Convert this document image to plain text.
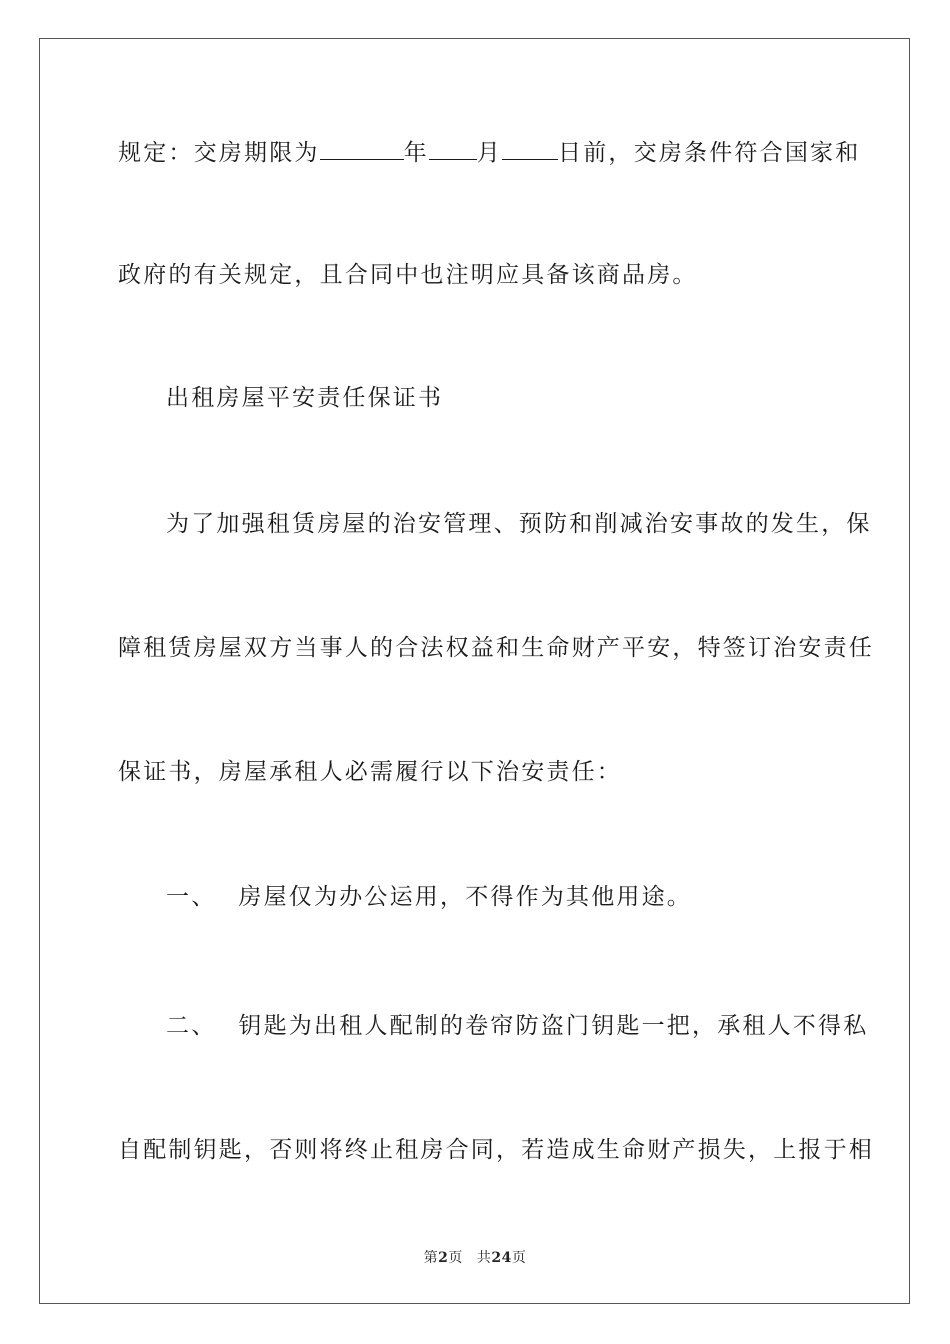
规定：交房期限为	年 月 日前，交房条件符合国家和
政府的有关规定，且合同中也注明应具备该商品房。
出租房屋平安责任保证书
为了加强租赁房屋的治安管理、预防和削减治安事故的发生，保
障租赁房屋双方当事人的合法权益和生命财产平安，特签订治安责任
保证书，房屋承租人必需履行以下治安责任：
一、 房屋仅为办公运用，不得作为其他用途。
二、 钥匙为出租人配制的卷帘防盗门钥匙一把，承租人不得私
自配制钥匙，否则将终止租房合同，若造成生命财产损失，上报于相
第2页 共24页
